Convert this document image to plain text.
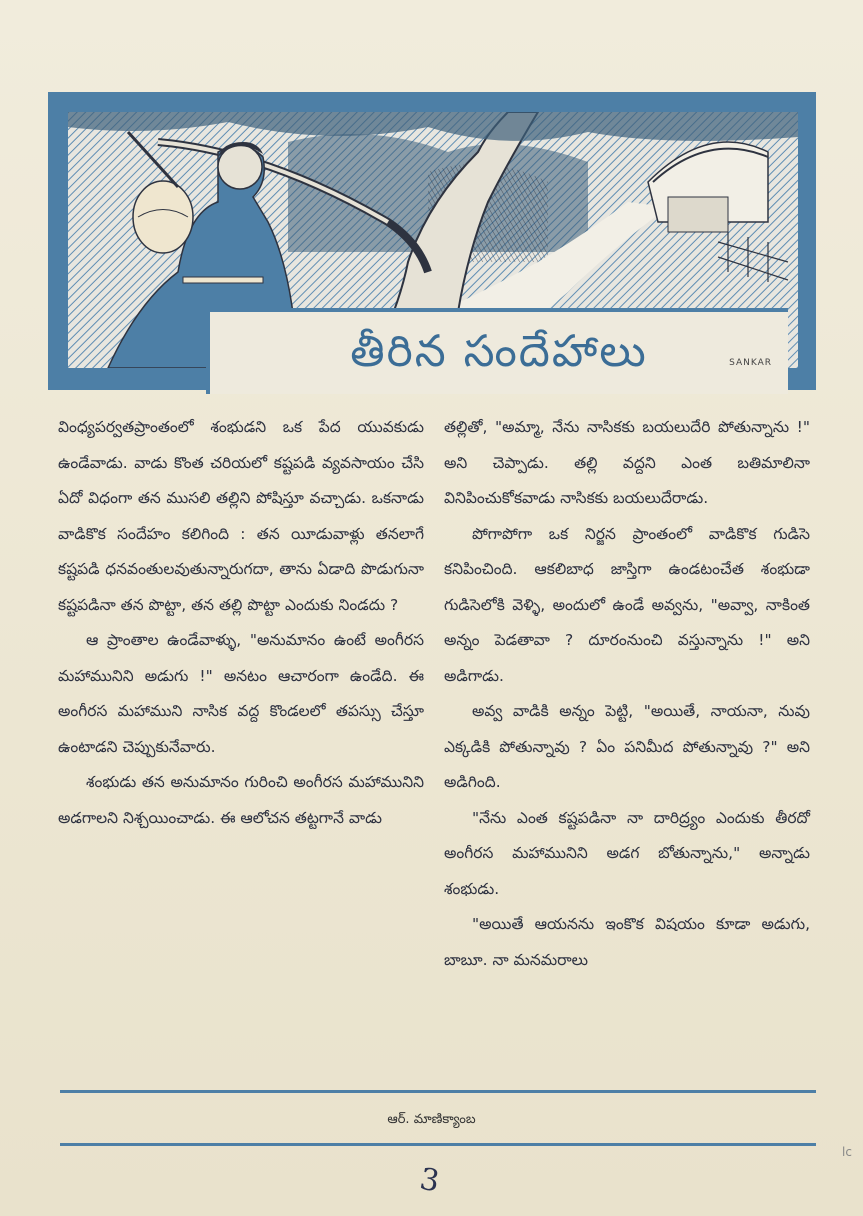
తీరిన సందేహాలు	SANKAR

వింధ్యపర్వతప్రాంతంలో శంభుడని ఒక పేద యువకుడు ఉండేవాడు. వాడు కొంత చరియలో కష్టపడి వ్యవసాయం చేసి ఏదో విధంగా తన ముసలి తల్లిని పోషిస్తూ వచ్చాడు. ఒకనాడు వాడికొక సందేహం కలిగింది : తన యీడువాళ్లు తనలాగే కష్టపడి ధనవంతులవుతున్నారుగదా, తాను ఏడాది పొడుగునా కష్టపడినా తన పొట్టా, తన తల్లి పొట్టా ఎందుకు నిండదు ?

ఆ ప్రాంతాల ఉండేవాళ్ళు, "అనుమానం ఉంటే అంగీరస మహామునిని అడుగు !" అనటం ఆచారంగా ఉండేది. ఈ అంగీరస మహాముని నాసిక వద్ద కొండలలో తపస్సు చేస్తూ ఉంటాడని చెప్పుకునేవారు.

శంభుడు తన అనుమానం గురించి అంగీరస మహామునిని అడగాలని నిశ్చయించాడు. ఈ ఆలోచన తట్టగానే వాడు

తల్లితో, "అమ్మా, నేను నాసికకు బయలుదేరి పోతున్నాను !" అని చెప్పాడు. తల్లి వద్దని ఎంత బతిమాలినా వినిపించుకోకవాడు నాసికకు బయలుదేరాడు.

పోగాపోగా ఒక నిర్జన ప్రాంతంలో వాడికొక గుడిసె కనిపించింది. ఆకలిబాధ జాస్తిగా ఉండటంచేత శంభుడా గుడిసెలోకి వెళ్ళి, అందులో ఉండే అవ్వను, "అవ్వా, నాకింత అన్నం పెడతావా ? దూరంనుంచి వస్తున్నాను !" అని అడిగాడు.

అవ్వ వాడికి అన్నం పెట్టి, "అయితే, నాయనా, నువు ఎక్కడికి పోతున్నావు ? ఏం పనిమీద పోతున్నావు ?" అని అడిగింది.

"నేను ఎంత కష్టపడినా నా దారిద్ర్యం ఎందుకు తీరదో అంగీరస మహామునిని అడగ బోతున్నాను," అన్నాడు శంభుడు.

"అయితే ఆయనను ఇంకొక విషయం కూడా అడుగు, బాబూ. నా మనమరాలు

ఆర్. మాణిక్యాంబ
3
lc
